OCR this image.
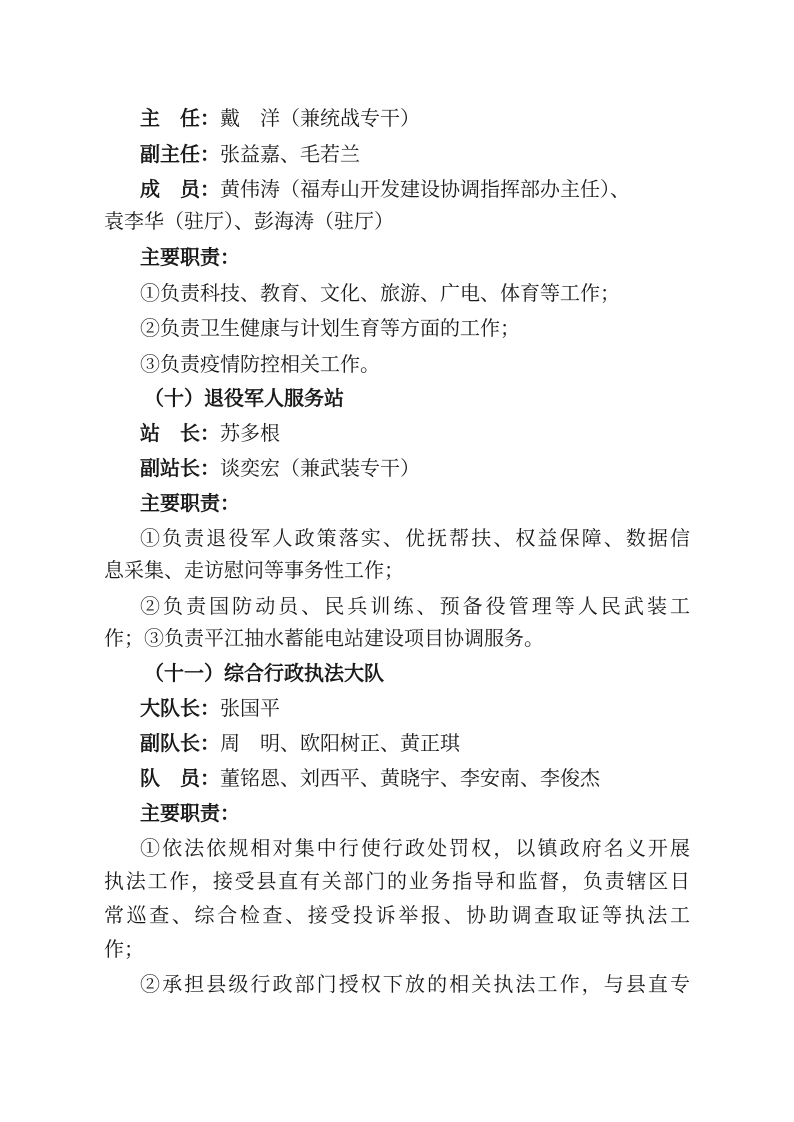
主　任：戴　洋（兼统战专干）
副主任：张益嘉、毛若兰
成　员：黄伟涛（福寿山开发建设协调指挥部办主任）、
袁李华（驻厅）、彭海涛（驻厅）
主要职责：
①负责科技、教育、文化、旅游、广电、体育等工作；
②负责卫生健康与计划生育等方面的工作；
③负责疫情防控相关工作。
（十）退役军人服务站
站　长：苏多根
副站长：谈奕宏（兼武装专干）
主要职责：
①负责退役军人政策落实、优抚帮扶、权益保障、数据信
息采集、走访慰问等事务性工作；
②负责国防动员、民兵训练、预备役管理等人民武装工
作；③负责平江抽水蓄能电站建设项目协调服务。
（十一）综合行政执法大队
大队长：张国平
副队长：周　明、欧阳树正、黄正琪
队　员：董铭恩、刘西平、黄晓宇、李安南、李俊杰
主要职责：
①依法依规相对集中行使行政处罚权，以镇政府名义开展
执法工作，接受县直有关部门的业务指导和监督，负责辖区日
常巡查、综合检查、接受投诉举报、协助调查取证等执法工
作；
②承担县级行政部门授权下放的相关执法工作，与县直专
